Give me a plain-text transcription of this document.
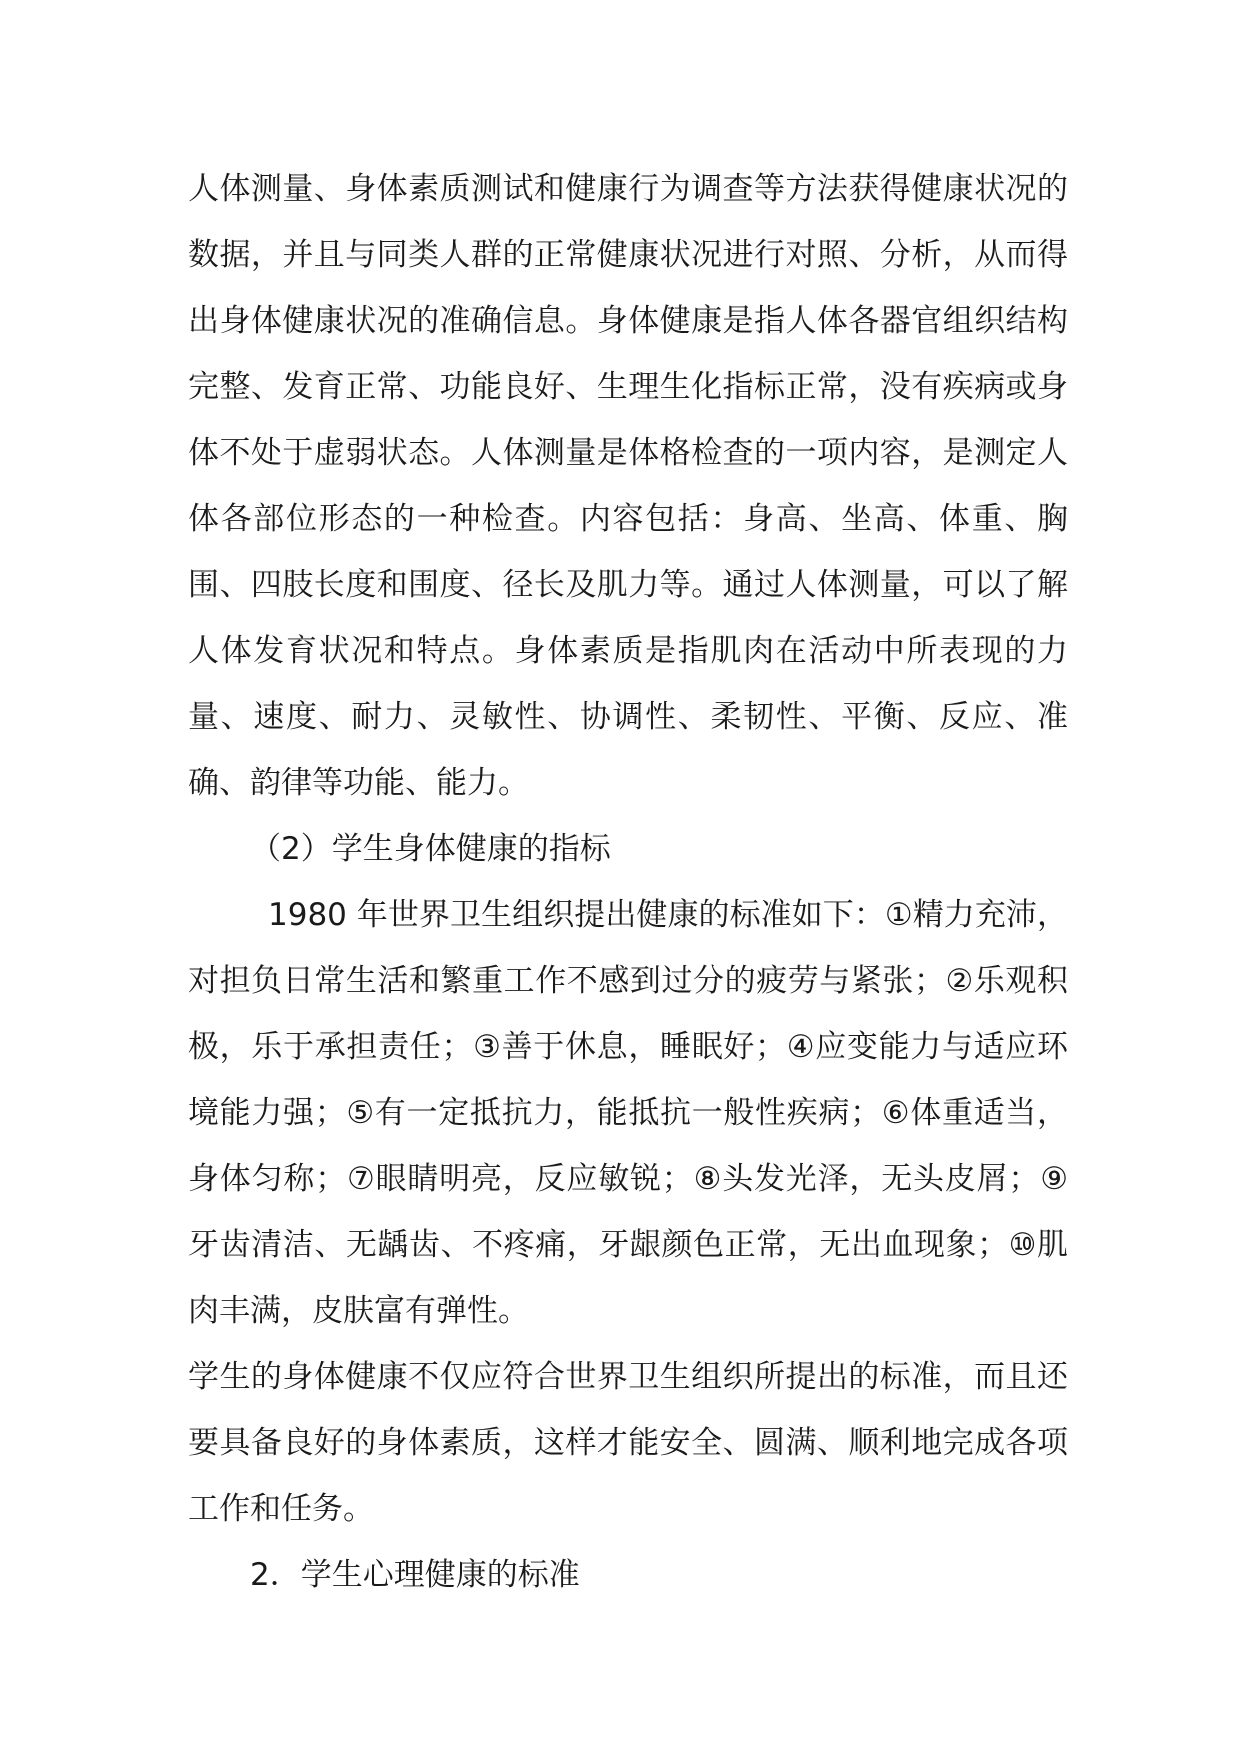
人体测量、身体素质测试和健康行为调查等方法获得健康状况的数据，并且与同类人群的正常健康状况进行对照、分析，从而得出身体健康状况的准确信息。身体健康是指人体各器官组织结构完整、发育正常、功能良好、生理生化指标正常，没有疾病或身体不处于虚弱状态。人体测量是体格检查的一项内容，是测定人体各部位形态的一种检查。内容包括：身高、坐高、体重、胸围、四肢长度和围度、径长及肌力等。通过人体测量，可以了解人体发育状况和特点。身体素质是指肌肉在活动中所表现的力量、速度、耐力、灵敏性、协调性、柔韧性、平衡、反应、准确、韵律等功能、能力。

（2）学生身体健康的指标

1980 年世界卫生组织提出健康的标准如下：①精力充沛，对担负日常生活和繁重工作不感到过分的疲劳与紧张；②乐观积极，乐于承担责任；③善于休息，睡眠好；④应变能力与适应环境能力强；⑤有一定抵抗力，能抵抗一般性疾病；⑥体重适当，身体匀称；⑦眼睛明亮，反应敏锐；⑧头发光泽，无头皮屑；⑨牙齿清洁、无龋齿、不疼痛，牙龈颜色正常，无出血现象；⑩肌肉丰满，皮肤富有弹性。

学生的身体健康不仅应符合世界卫生组织所提出的标准，而且还要具备良好的身体素质，这样才能安全、圆满、顺利地完成各项工作和任务。

2．学生心理健康的标准
